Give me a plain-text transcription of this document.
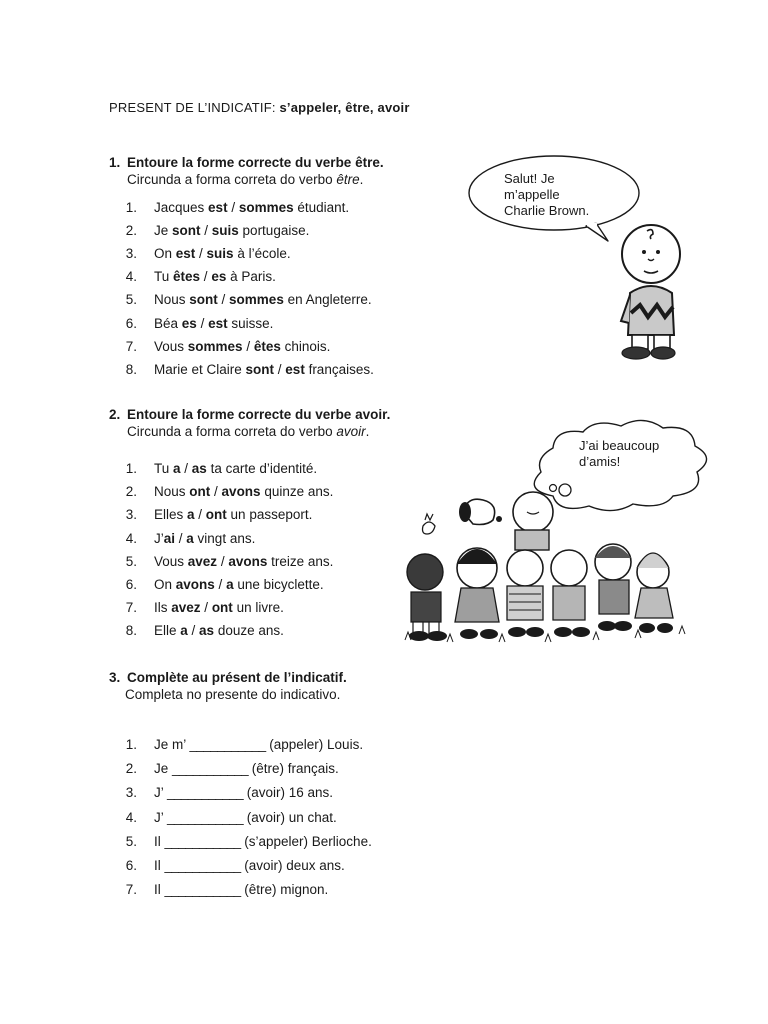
PRESENT DE L’INDICATIF: s’appeler, être, avoir
1. Entoure la forme correcte du verbe être.
Circunda a forma correta do verbo être.
1. Jacques est / sommes étudiant.
2. Je sont / suis portugaise.
3. On est / suis à l’école.
4. Tu êtes / es à Paris.
5. Nous sont / sommes en Angleterre.
6. Béa es / est suisse.
7. Vous sommes / êtes chinois.
8. Marie et Claire sont / est françaises.
2. Entoure la forme correcte du verbe avoir.
Circunda a forma correta do verbo avoir.
1. Tu a / as ta carte d’identité.
2. Nous ont / avons quinze ans.
3. Elles a / ont un passeport.
4. J’ai / a vingt ans.
5. Vous avez / avons treize ans.
6. On avons / a une bicyclette.
7. Ils avez / ont un livre.
8. Elle a / as douze ans.
3. Complète au présent de l’indicatif.
Completa no presente do indicativo.
1. Je m’ ___________ (appeler) Louis.
2. Je ___________ (être) français.
3. J’ ___________ (avoir) 16 ans.
4. J’ ___________ (avoir) un chat.
5. Il ___________ (s’appeler) Berlioche.
6. Il ___________ (avoir) deux ans.
7. Il ___________ (être) mignon.
Salut! Je
m’appelle
Charlie Brown.
J’ai beaucoup
d’amis!
